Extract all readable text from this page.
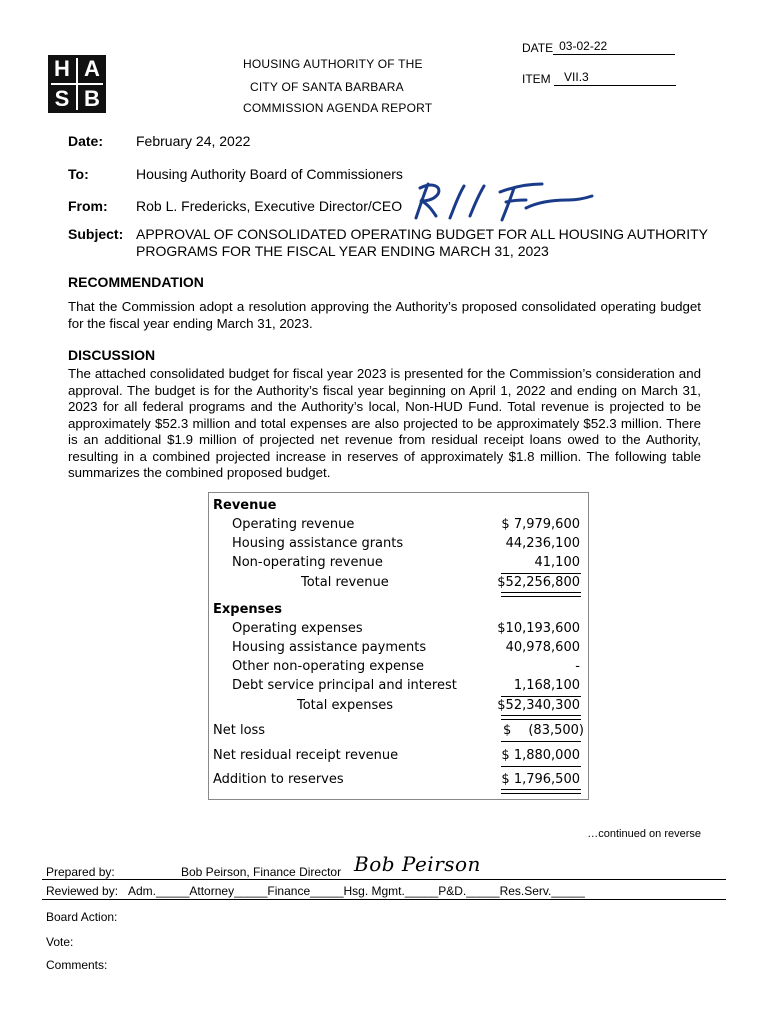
H A
S B
HOUSING AUTHORITY OF THE
CITY OF SANTA BARBARA
COMMISSION AGENDA REPORT
DATE 03-02-22
ITEM VII.3
Date: February 24, 2022
To:	Housing Authority Board of Commissioners
From: Rob L. Fredericks, Executive Director/CEO
Subject: APPROVAL OF CONSOLIDATED OPERATING BUDGET FOR ALL HOUSING AUTHORITY
PROGRAMS FOR THE FISCAL YEAR ENDING MARCH 31, 2023
RECOMMENDATION
That the Commission adopt a resolution approving the Authority’s proposed consolidated operating budget for the fiscal year ending March 31, 2023.
DISCUSSION
The attached consolidated budget for fiscal year 2023 is presented for the Commission’s consideration and approval. The budget is for the Authority’s fiscal year beginning on April 1, 2022 and ending on March 31, 2023 for all federal programs and the Authority’s local, Non-HUD Fund. Total revenue is projected to be approximately $52.3 million and total expenses are also projected to be approximately $52.3 million. There is an additional $1.9 million of projected net revenue from residual receipt loans owed to the Authority, resulting in a combined projected increase in reserves of approximately $1.8 million. The following table summarizes the combined proposed budget.
Revenue
Operating revenue	$ 7,979,600
Housing assistance grants	44,236,100
Non-operating revenue	41,100
Total revenue	$52,256,800
Expenses
Operating expenses	$10,193,600
Housing assistance payments	40,978,600
Other non-operating expense	-
Debt service principal and interest	1,168,100
Total expenses	$52,340,300
Net loss	$ (83,500)
Net residual receipt revenue	$ 1,880,000
Addition to reserves	$ 1,796,500
…continued on reverse
Prepared by:	Bob Peirson, Finance Director Bob Peirson
Reviewed by: Adm._____Attorney_____Finance_____Hsg. Mgmt._____P&D._____Res.Serv._____
Board Action:
Vote:
Comments:
